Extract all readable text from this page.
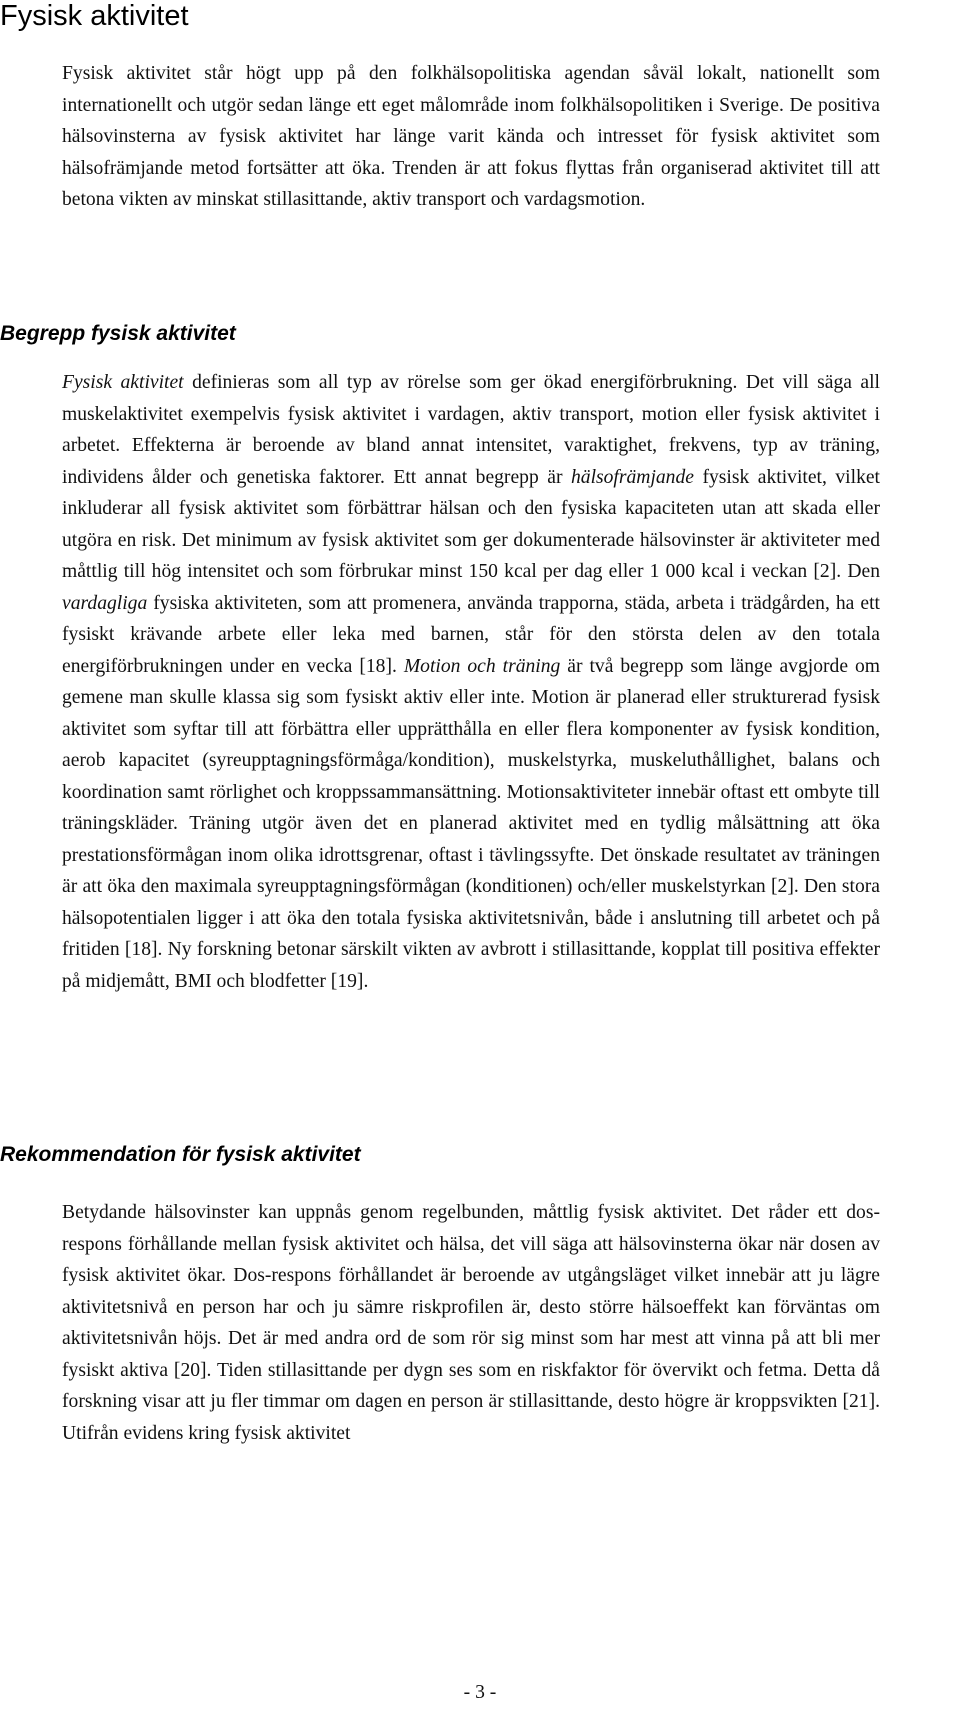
Fysisk aktivitet

Fysisk aktivitet står högt upp på den folkhälsopolitiska agendan såväl lokalt, nationellt som internationellt och utgör sedan länge ett eget målområde inom folkhälsopolitiken i Sverige. De positiva hälsovinsterna av fysisk aktivitet har länge varit kända och intresset för fysisk aktivitet som hälsofrämjande metod fortsätter att öka. Trenden är att fokus flyttas från organiserad aktivitet till att betona vikten av minskat stillasittande, aktiv transport och vardagsmotion.

Begrepp fysisk aktivitet

Fysisk aktivitet definieras som all typ av rörelse som ger ökad energiförbrukning. Det vill säga all muskelaktivitet exempelvis fysisk aktivitet i vardagen, aktiv transport, motion eller fysisk aktivitet i arbetet. Effekterna är beroende av bland annat intensitet, varaktighet, frekvens, typ av träning, individens ålder och genetiska faktorer. Ett annat begrepp är hälsofrämjande fysisk aktivitet, vilket inkluderar all fysisk aktivitet som förbättrar hälsan och den fysiska kapaciteten utan att skada eller utgöra en risk. Det minimum av fysisk aktivitet som ger dokumenterade hälsovinster är aktiviteter med måttlig till hög intensitet och som förbrukar minst 150 kcal per dag eller 1 000 kcal i veckan [2]. Den vardagliga fysiska aktiviteten, som att promenera, använda trapporna, städa, arbeta i trädgården, ha ett fysiskt krävande arbete eller leka med barnen, står för den största delen av den totala energiförbrukningen under en vecka [18]. Motion och träning är två begrepp som länge avgjorde om gemene man skulle klassa sig som fysiskt aktiv eller inte. Motion är planerad eller strukturerad fysisk aktivitet som syftar till att förbättra eller upprätthålla en eller flera komponenter av fysisk kondition, aerob kapacitet (syreupptagningsförmåga/kondition), muskelstyrka, muskeluthållighet, balans och koordination samt rörlighet och kroppssammansättning. Motionsaktiviteter innebär oftast ett ombyte till träningskläder. Träning utgör även det en planerad aktivitet med en tydlig målsättning att öka prestationsförmågan inom olika idrottsgrenar, oftast i tävlingssyfte. Det önskade resultatet av träningen är att öka den maximala syreupptagningsförmågan (konditionen) och/eller muskelstyrkan [2]. Den stora hälsopotentialen ligger i att öka den totala fysiska aktivitetsnivån, både i anslutning till arbetet och på fritiden [18]. Ny forskning betonar särskilt vikten av avbrott i stillasittande, kopplat till positiva effekter på midjemått, BMI och blodfetter [19].

Rekommendation för fysisk aktivitet

Betydande hälsovinster kan uppnås genom regelbunden, måttlig fysisk aktivitet. Det råder ett dos-respons förhållande mellan fysisk aktivitet och hälsa, det vill säga att hälsovinsterna ökar när dosen av fysisk aktivitet ökar. Dos-respons förhållandet är beroende av utgångsläget vilket innebär att ju lägre aktivitetsnivå en person har och ju sämre riskprofilen är, desto större hälsoeffekt kan förväntas om aktivitetsnivån höjs. Det är med andra ord de som rör sig minst som har mest att vinna på att bli mer fysiskt aktiva [20]. Tiden stillasittande per dygn ses som en riskfaktor för övervikt och fetma. Detta då forskning visar att ju fler timmar om dagen en person är stillasittande, desto högre är kroppsvikten [21]. Utifrån evidens kring fysisk aktivitet

- 3 -
